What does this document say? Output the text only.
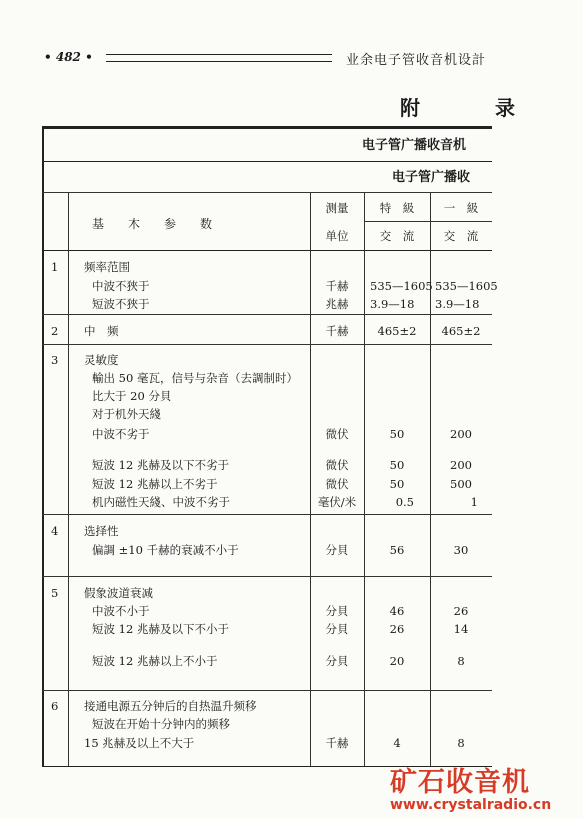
• 482 •	业余电子管收音机设計
附 录
电子管广播收音机
电子管广播收
基　　木　　参　　数
测量
单位
特　級	一　級
交　流	交　流
1 频率范围
中波不狹于	千赫	535—1605 535—1605
短波不狹于	兆赫	3.9—18 3.9—18
2 中　频	千赫	465±2	465±2
3 灵敏度
輸出 50 毫瓦，信号与杂音（去調制时）
比大于 20 分貝
对于机外天綫
中波不劣于	微伏	50	200
短波 12 兆赫及以下不劣于	微伏	50	200
短波 12 兆赫以上不劣于	微伏	50	500
机内磁性天綫、中波不劣于	毫伏/米	0.5	1
4 选择性
偏調 ±10 千赫的衰减不小于	分貝	56	30
5 假象波道衰减
中波不小于	分貝	46	26
短波 12 兆赫及以下不小于	分貝	26	14
短波 12 兆赫以上不小于	分貝	20	8
6 接通电源五分钟后的自热温升频移
短波在开始十分钟内的频移
15 兆赫及以上不大于	千赫	4	8
矿石收音机
www.crystalradio.cn
